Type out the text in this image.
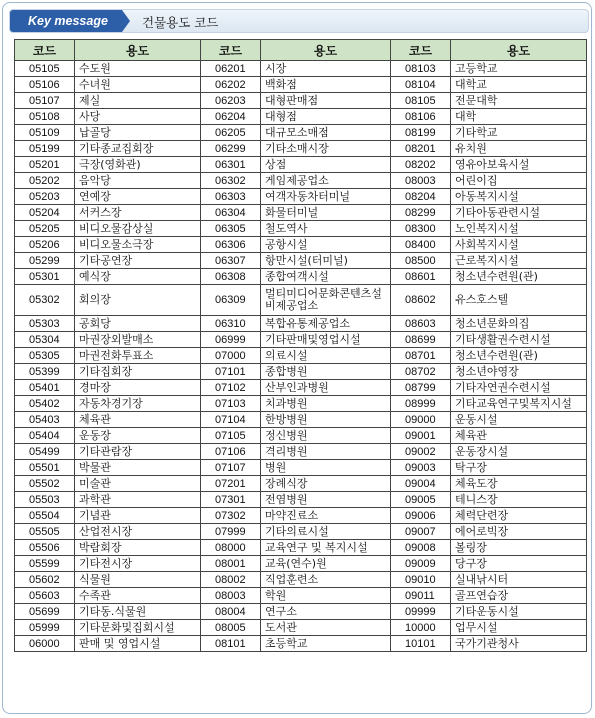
Key message	건물용도 코드
코드	용도	코드	용도	코드	용도
05105	수도원	06201	시장	08103	고등학교
05106	수녀원	06202	백화점	08104	대학교
05107	제실	06203	대형판매점	08105	전문대학
05108	사당	06204	대형점	08106	대학
05109	납골당	06205	대규모소매점	08199	기타학교
05199	기타종교집회장	06299	기타소매시장	08201	유치원
05201	극장(영화관)	06301	상점	08202	영유아보육시설
05202	음악당	06302	게임제공업소	08003	어린이집
05203	연예장	06303	여객자동차터미널	08204	아동복지시설
05204	서커스장	06304	화물터미널	08299	기타아동관련시설
05205	비디오물감상실	06305	철도역사	08300	노인복지시설
05206	비디오물소극장	06306	공항시설	08400	사회복지시설
05299	기타공연장	06307	항만시설(터미널)	08500	근로복지시설
05301	예식장	06308	종합여객시설	08601	청소년수련원(관)
05302	회의장	06309	멀티미디어문화콘텐츠설비제공업소	08602	유스호스텔
05303	공회당	06310	복합유통제공업소	08603	청소년문화의집
05304	마권장외발매소	06999	기타판매및영업시설	08699	기타생활권수련시설
05305	마권전화투표소	07000	의료시설	08701	청소년수련원(관)
05399	기타집회장	07101	종합병원	08702	청소년야영장
05401	경마장	07102	산부인과병원	08799	기타자연권수련시설
05402	자동차경기장	07103	치과병원	08999	기타교육연구및복지시설
05403	체육관	07104	한방병원	09000	운동시설
05404	운동장	07105	정신병원	09001	체육관
05499	기타관람장	07106	격리병원	09002	운동장시설
05501	박물관	07107	병원	09003	탁구장
05502	미술관	07201	장례식장	09004	체육도장
05503	과학관	07301	전염병원	09005	테니스장
05504	기념관	07302	마약진료소	09006	체력단련장
05505	산업전시장	07999	기타의료시설	09007	에어로빅장
05506	박람회장	08000	교육연구 및 복지시설	09008	볼링장
05599	기타전시장	08001	교육(연수)원	09009	당구장
05602	식물원	08002	직업훈련소	09010	실내낚시터
05603	수족관	08003	학원	09011	골프연습장
05699	기타동.식물원	08004	연구소	09999	기타운동시설
05999	기타문화및집회시설	08005	도서관	10000	업무시설
06000	판매 및 영업시설	08101	초등학교	10101	국가기관청사
